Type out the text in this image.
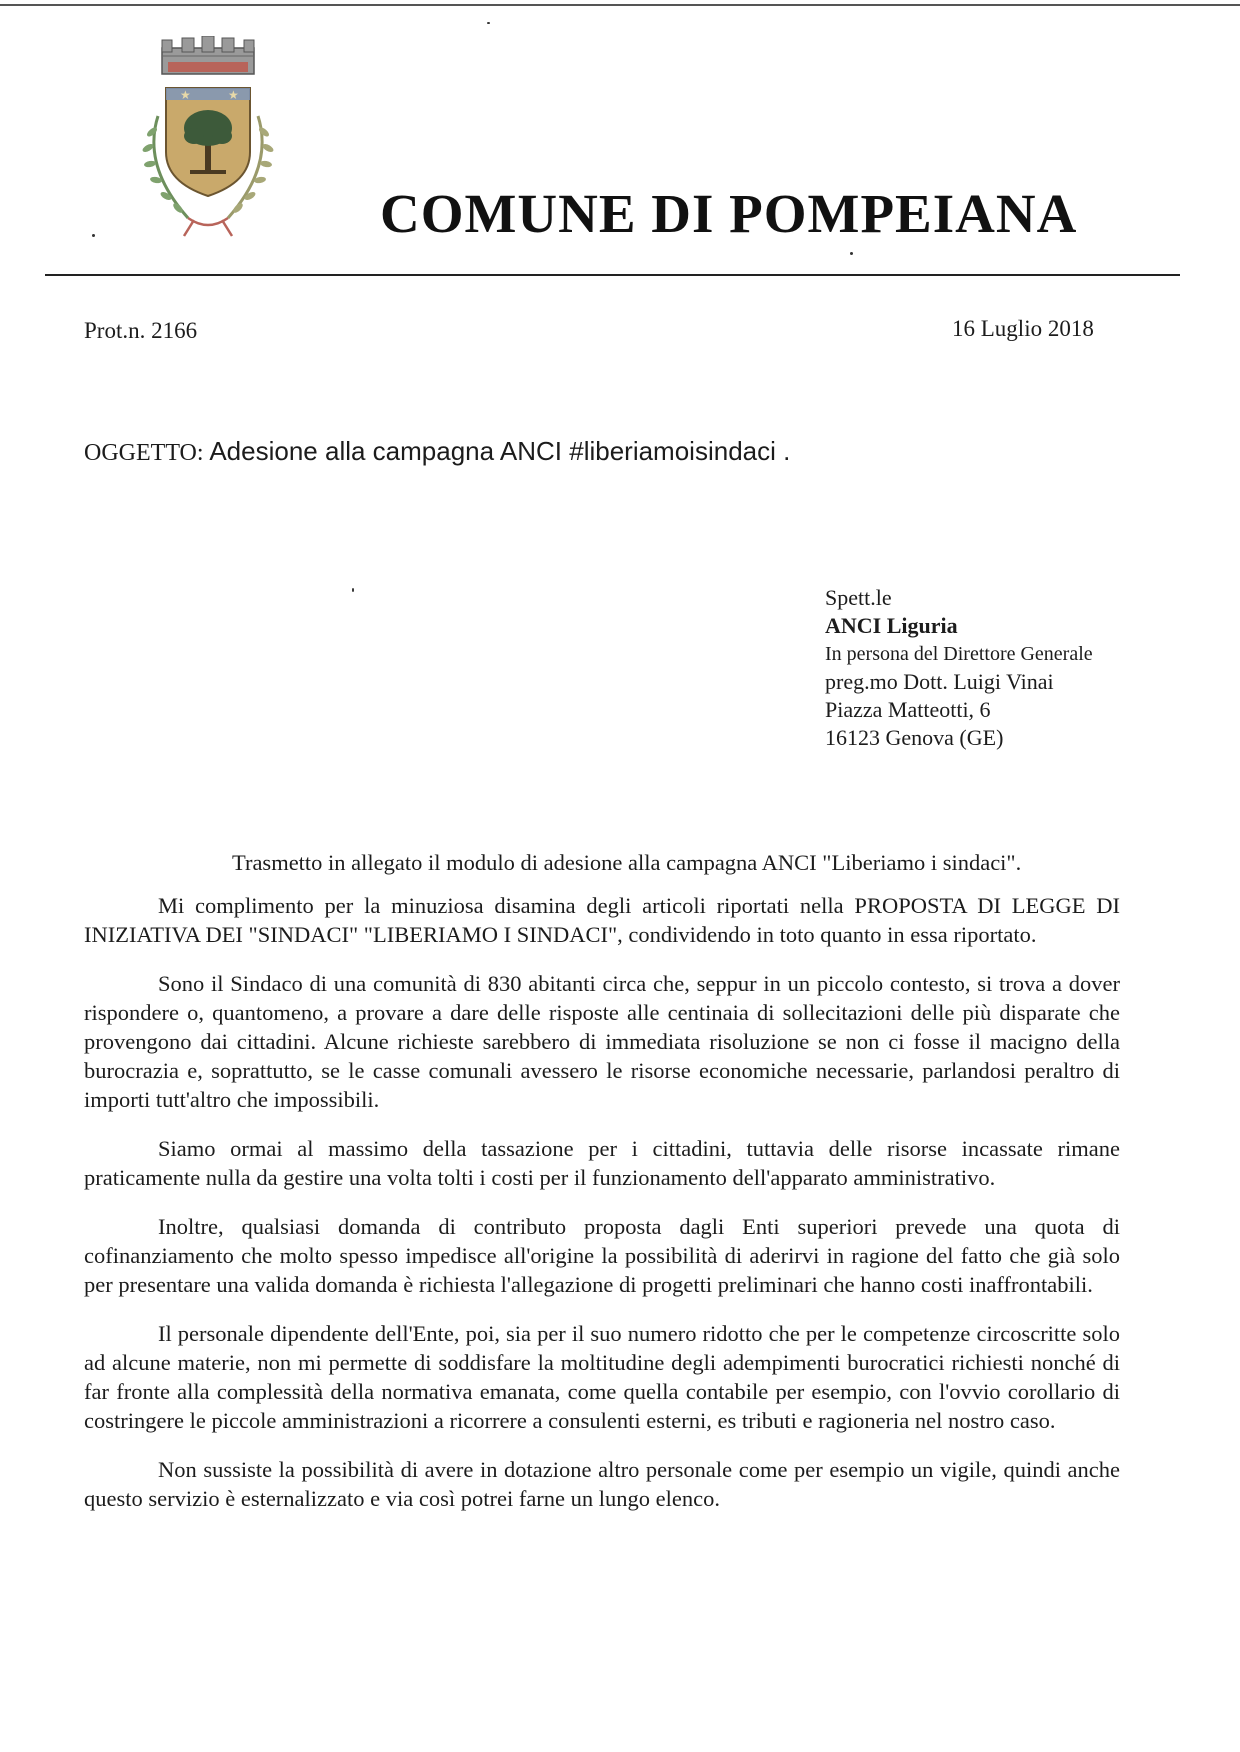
★	★
COMUNE DI POMPEIANA
Prot.n. 2166	16 Luglio 2018
OGGETTO: Adesione alla campagna ANCI #liberiamoisindaci .
Spett.le
ANCI Liguria
In persona del Direttore Generale
preg.mo Dott. Luigi Vinai
Piazza Matteotti, 6
16123 Genova (GE)

Trasmetto in allegato il modulo di adesione alla campagna ANCI "Liberiamo i sindaci".

Mi complimento per la minuziosa disamina degli articoli riportati nella PROPOSTA DI LEGGE DI INIZIATIVA DEI "SINDACI" "LIBERIAMO I SINDACI", condividendo in toto quanto in essa riportato.

Sono il Sindaco di una comunità di 830 abitanti circa che, seppur in un piccolo contesto, si trova a dover rispondere o, quantomeno, a provare a dare delle risposte alle centinaia di sollecitazioni delle più disparate che provengono dai cittadini. Alcune richieste sarebbero di immediata risoluzione se non ci fosse il macigno della burocrazia e, soprattutto, se le casse comunali avessero le risorse economiche necessarie, parlandosi peraltro di importi tutt'altro che impossibili.

Siamo ormai al massimo della tassazione per i cittadini, tuttavia delle risorse incassate rimane praticamente nulla da gestire una volta tolti i costi per il funzionamento dell'apparato amministrativo.

Inoltre, qualsiasi domanda di contributo proposta dagli Enti superiori prevede una quota di cofinanziamento che molto spesso impedisce all'origine la possibilità di aderirvi in ragione del fatto che già solo per presentare una valida domanda è richiesta l'allegazione di progetti preliminari che hanno costi inaffrontabili.

Il personale dipendente dell'Ente, poi, sia per il suo numero ridotto che per le competenze circoscritte solo ad alcune materie, non mi permette di soddisfare la moltitudine degli adempimenti burocratici richiesti nonché di far fronte alla complessità della normativa emanata, come quella contabile per esempio, con l'ovvio corollario di costringere le piccole amministrazioni a ricorrere a consulenti esterni, es tributi e ragioneria nel nostro caso.

Non sussiste la possibilità di avere in dotazione altro personale come per esempio un vigile, quindi anche questo servizio è esternalizzato e via così potrei farne un lungo elenco.
